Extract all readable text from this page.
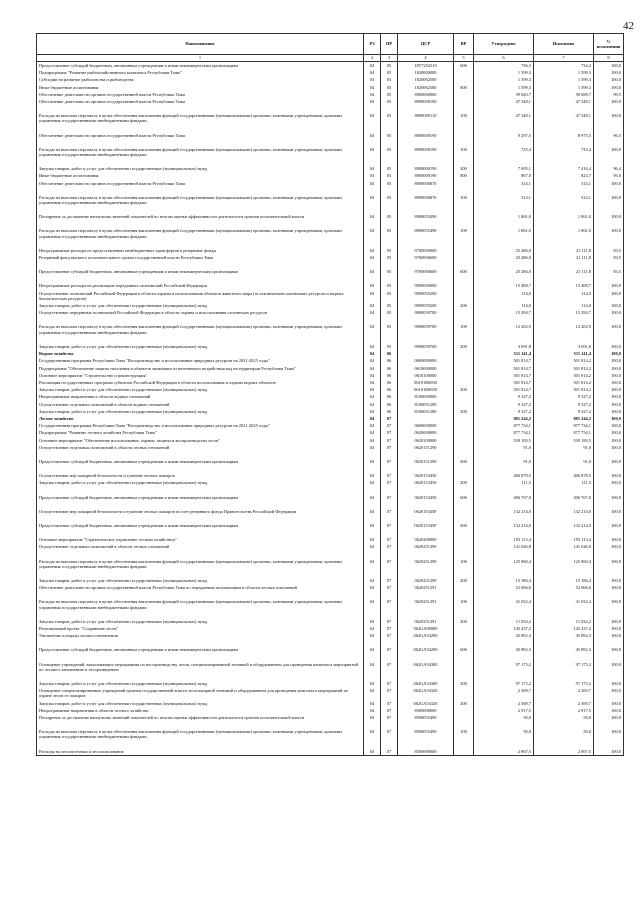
42
Наименование	РЗ	ПР	ЦСР	ВР	Утверждено	Исполнено	% исполнения
1	2	3	4	5	6	7	8
Предоставление субсидий бюджетным, автономным учреждениям и иным некоммерческим организациям	04	05	18Т7252510	600	736,3	734,2	100,0
Подпрограмма "Развитие рыбохозяйственного комплекса Республики Тыва"	04	05	1820000000		1 599,3	1 599,3	100,0
Субсидии на развитие рыболовства и рыбоводства	04	05	1820062580		1 599,3	1 599,3	100,0
Иные бюджетные ассигнования	04	05	1820062580	800	1 599,3	1 599,3	100,0
Обеспечение деятельности органов государственной власти Республики Тыва	04	05	8900000000		59 020,7	58 698,7	99,5
Обеспечение деятельности органов государственной власти Республики Тыва	04	05	8900000100		47 548,1	47 548,1	100,0

Расходы на выплаты персоналу в целях обеспечения выполнения функций государственными (муниципальными) органами, казенными учреждениями, органами управления государственными внебюджетными фондами	04	05	8900000110	100	47 548,1	47 548,1	100,0

Обеспечение деятельности органов государственной власти Республики Тыва	04	05	8900000190		9 297,5	8 975,5	96,5

Расходы на выплаты персоналу в целях обеспечения выполнения функций государственными (муниципальными) органами, казенными учреждениями, органами управления государственными внебюджетными фондами	04	05	8900000190	100	735,4	735,4	100,0

Закупка товаров, работ и услуг для обеспечения государственных (муниципальных) нужд	04	05	8900000190	200	7 695,1	7 416,4	96,4
Иные бюджетные ассигнования	04	05	8900000190	800	867,0	823,7	95,0
Обеспечение деятельности органов государственной власти Республики Тыва	04	05	8900000870		314,1	314,1	100,0

Расходы на выплаты персоналу в целях обеспечения выполнения функций государственными (муниципальными) органами, казенными учреждениями, органами управления государственными внебюджетными фондами	04	05	8900000870	100	314,1	314,1	100,0

Поощрение за достижение наилучших значений показателей по итогам оценки эффективности деятельности органов исполнительной власти	04	05	8900055490		1 861,0	1 861,0	100,0

Расходы на выплаты персоналу в целях обеспечения выполнения функций государственными (муниципальными) органами, казенными учреждениями, органами управления государственными внебюджетными фондами	04	05	8900055490	100	1 861,0	1 861,0	100,0

Непрограммные расходы по предоставлению межбюджетных трансфертов в резервные фонды	04	05	9700000000		25 286,0	21 111,8	83,5
Резервный фонд высшего исполнительного органа государственной власти Республики Тыва	04	05	9700000600		25 286,0	21 111,8	83,5

Предоставление субсидий бюджетным, автономным учреждениям и иным некоммерческим организациям	04	05	9700000600	600	25 286,0	21 111,8	83,5

Непрограммные расходы на реализацию переданных полномочий Российской Федерации	04	05	9900000000		15 408,7	15 408,7	100,0
Осуществление полномочий Российской Федерации в области охраны и использования объектов животного мира (за исключением охотничьих ресурсов и водных биологических ресурсов)	04	05	9900059200		114,0	114,0	100,0
Закупка товаров, работ и услуг для обеспечения государственных (муниципальных) нужд	04	05	9900059200	200	114,0	114,0	100,0
Осуществление переданных полномочий Российской Федерации в области охраны и использования охотничьих ресурсов	04	05	9900059700		15 294,7	15 294,7	100,0

Расходы на выплаты персоналу в целях обеспечения выполнения функций государственными (муниципальными) органами, казенными учреждениями, органами управления государственными внебюджетными фондами	04	05	9900059700	100	12 202,9	12 202,9	100,0

Закупка товаров, работ и услуг для обеспечения государственных (муниципальных) нужд	04	05	9900059700	200	3 091,8	3 091,8	100,0
Водное хозяйство	04	06			511 141,4	511 141,4	100,0
Государственная программа Республики Тыва "Воспроизводство и использование природных ресурсов на 2021-2025 годы"	04	06	0600000000		501 814,7	501 814,2	100,0
Подпрограмма "Обеспечение защиты населения и объектов экономики от негативного воздействия вод на территории Республики Тыва"	04	06	0610000000		501 814,7	501 814,2	100,0
Основное мероприятие "Строительство и реконструкция"	04	06	0610100000		501 814,7	501 814,2	100,0
Реализация государственных программ субъектов Российской Федерации в области использования и охраны водных объектов	04	06	06101R0650		501 814,7	501 814,2	100,0
Закупка товаров, работ и услуг для обеспечения государственных (муниципальных) нужд	04	06	06101R0650	200	501 814,7	501 814,2	100,0
Непрограммные направления в области водных отношений	04	06	8100000000		9 327,2	9 327,2	100,0
Осуществление отдельных полномочий в области водных отношений	04	06	8100051280		9 327,2	9 327,2	100,0
Закупка товаров, работ и услуг для обеспечения государственных (муниципальных) нужд	04	06	8100051280	200	9 327,2	9 327,2	100,0
Лесное хозяйство	04	07			881 244,2	881 244,2	100,0
Государственная программа Республики Тыва "Воспроизводство и использование природных ресурсов на 2021-2025 годы"	04	07	0600000000		877 734,1	877 734,1	100,0
Подпрограмма "Развитие лесного хозяйства Республики Тыва"	04	07	0620000000		877 734,1	877 734,1	100,0
Основное мероприятие "Обеспечение использования, охраны, защиты и воспроизводства лесов"	04	07	0620100000		539 183,5	539 183,5	100,0
Осуществление отдельных полномочий в области лесных отношений	04	07	0620151290		91,0	91,0	100,0

Предоставление субсидий бюджетным, автономным учреждениям и иным некоммерческим организациям	04	07	0620151290	600	91,0	91,0	100,0

Осуществление мер пожарной безопасности и тушение лесных пожаров	04	07	0620153450		406 878,5	406 878,5	100,0
Закупка товаров, работ и услуг для обеспечения государственных (муниципальных) нужд	04	07	0620153450	200	111,5	111,5	100,0

Предоставление субсидий бюджетным, автономным учреждениям и иным некоммерческим организациям	04	07	0620153450	600	406 767,0	406 767,0	100,0

Осуществление мер пожарной безопасности и тушение лесных пожаров за счет резервного фонда Правительства Российской Федерации	04	07	062015345F		132 214,0	132 214,0	100,0

Предоставление субсидий бюджетным, автономным учреждениям и иным некоммерческим организациям	04	07	062015345F	600	132 214,0	132 214,0	100,0

Основное мероприятие "Стратегическое управление лесным хозяйством"	04	07	0620200000		193 113,4	193 113,4	100,0
Осуществление отдельных полномочий в области лесных отношений	04	07	0620251290		141 046,8	141 046,8	100,0

Расходы на выплаты персоналу в целях обеспечения выполнения функций государственными (муниципальными) органами, казенными учреждениями, органами управления государственными внебюджетными фондами	04	07	0620251290	100	125 860,4	125 860,4	100,0

Закупка товаров, работ и услуг для обеспечения государственных (муниципальных) нужд	04	07	0620251290	200	15 186,4	15 186,4	100,0
Обеспечение деятельности органов государственной власти Республики Тыва по переданным полномочиям в области лесных отношений	04	07	0620251291		52 066,6	52 066,6	100,0

Расходы на выплаты персоналу в целях обеспечения выполнения функций государственными (муниципальными) органами, казенными учреждениями, органами управления государственными внебюджетными фондами	04	07	0620251291	100	41 032,4	41 032,4	100,0

Закупка товаров, работ и услуг для обеспечения государственных (муниципальных) нужд	04	07	0620251291	200	11 034,2	11 034,2	100,0
Региональный проект "Сохранение лесов"	04	07	062GA00000		145 437,2	145 437,2	100,0
Увеличение площади лесовосстановления	04	07	062GA54290		45 892,3	45 892,3	100,0

Предоставление субсидий бюджетным, автономным учреждениям и иным некоммерческим организациям	04	07	062GA54290	600	45 892,3	45 892,3	100,0

Оснащение учреждений, выполняющих мероприятия по воспроизводству лесов, специализированной техникой и оборудованием для проведения комплекса мероприятий по лесовосстановлению и лесоразведению	04	07	062GA54300		97 175,2	97 175,2	100,0

Закупка товаров, работ и услуг для обеспечения государственных (муниципальных) нужд	04	07	062GA54300	200	97 175,2	97 175,2	100,0
Оснащение специализированных учреждений органов государственной власти лесопожарной техникой и оборудованием для проведения комплекса мероприятий по охране лесов от пожаров	04	07	062GA54320		2 369,7	2 369,7	100,0
Закупка товаров, работ и услуг для обеспечения государственных (муниципальных) нужд	04	07	062GA54320	200	2 369,7	2 369,7	100,0
Непрограммные направления в области лесного хозяйства	04	07	8500000000		2 917,5	2 917,5	100,0
Поощрение за достижение наилучших значений показателей по итогам оценки эффективности деятельности органов исполнительной власти	04	07	8500055490		50,0	50,0	100,0

Расходы на выплаты персоналу в целях обеспечения выполнения функций государственными (муниципальными) органами, казенными учреждениями, органами управления государственными внебюджетными фондами	04	07	8500055490	100	50,0	50,0	100,0

Расходы на лесозаготовки и лесопользование	04	07	8500090000		2 867,5	2 867,5	100,0
